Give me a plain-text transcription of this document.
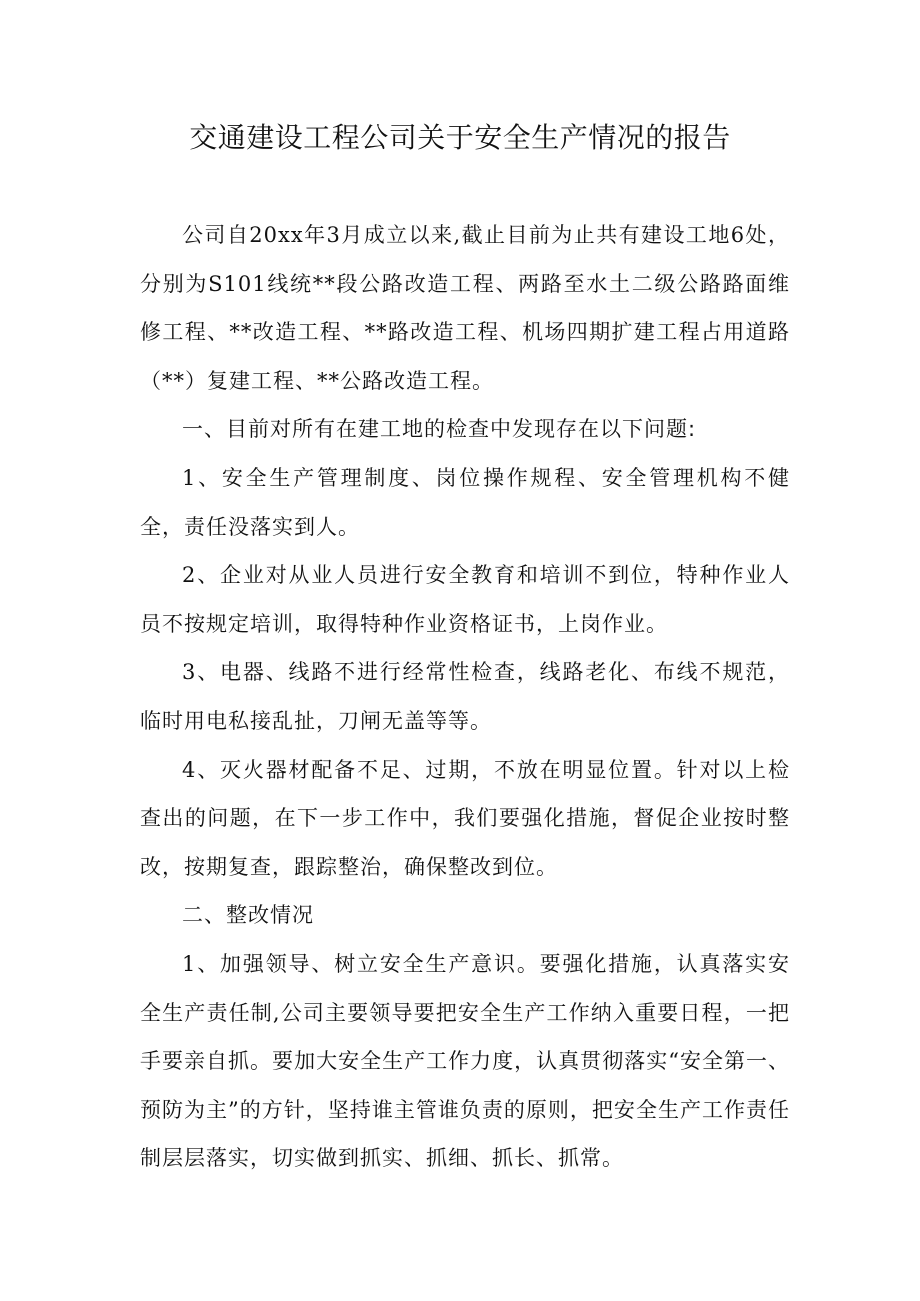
交通建设工程公司关于安全生产情况的报告

公司自20xx年3月成立以来,截止目前为止共有建设工地6处，分别为S101线统**段公路改造工程、两路至水土二级公路路面维修工程、**改造工程、**路改造工程、机场四期扩建工程占用道路（**）复建工程、**公路改造工程。

一、目前对所有在建工地的检查中发现存在以下问题:

1、安全生产管理制度、岗位操作规程、安全管理机构不健全，责任没落实到人。

2、企业对从业人员进行安全教育和培训不到位，特种作业人员不按规定培训，取得特种作业资格证书，上岗作业。

3、电器、线路不进行经常性检查，线路老化、布线不规范，临时用电私接乱扯，刀闸无盖等等。

4、灭火器材配备不足、过期，不放在明显位置。针对以上检查出的问题，在下一步工作中，我们要强化措施，督促企业按时整改，按期复查，跟踪整治，确保整改到位。

二、整改情况

1、加强领导、树立安全生产意识。要强化措施，认真落实安全生产责任制,公司主要领导要把安全生产工作纳入重要日程，一把手要亲自抓。要加大安全生产工作力度，认真贯彻落实“安全第一、预防为主”的方针，坚持谁主管谁负责的原则，把安全生产工作责任制层层落实，切实做到抓实、抓细、抓长、抓常。
